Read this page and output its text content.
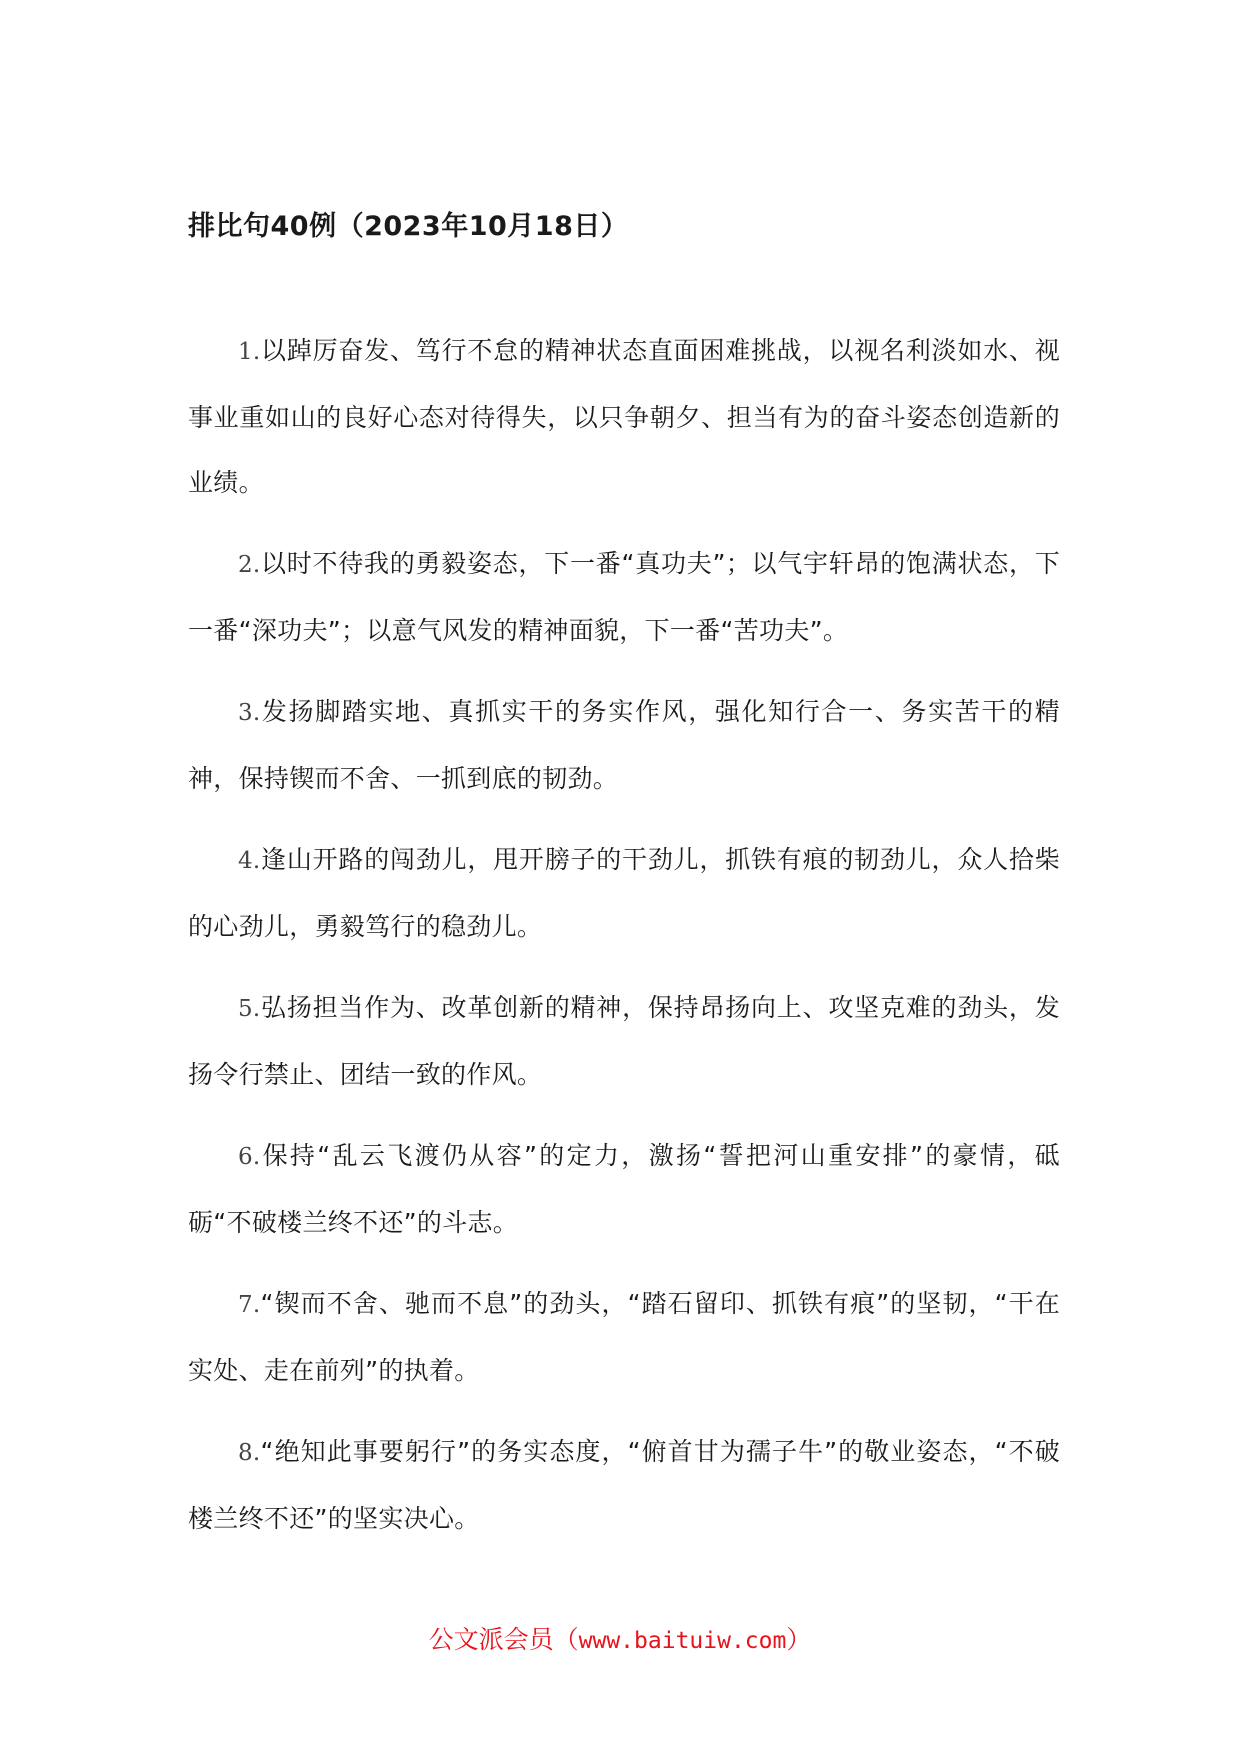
排比句40例（2023年10月18日）

1.以踔厉奋发、笃行不怠的精神状态直面困难挑战，以视名利淡如水、视事业重如山的良好心态对待得失，以只争朝夕、担当有为的奋斗姿态创造新的业绩。

2.以时不待我的勇毅姿态，下一番“真功夫”；以气宇轩昂的饱满状态，下一番“深功夫”；以意气风发的精神面貌，下一番“苦功夫”。

3.发扬脚踏实地、真抓实干的务实作风，强化知行合一、务实苦干的精神，保持锲而不舍、一抓到底的韧劲。

4.逢山开路的闯劲儿，甩开膀子的干劲儿，抓铁有痕的韧劲儿，众人拾柴的心劲儿，勇毅笃行的稳劲儿。

5.弘扬担当作为、改革创新的精神，保持昂扬向上、攻坚克难的劲头，发扬令行禁止、团结一致的作风。

6.保持“乱云飞渡仍从容”的定力，激扬“誓把河山重安排”的豪情，砥砺“不破楼兰终不还”的斗志。

7.“锲而不舍、驰而不息”的劲头，“踏石留印、抓铁有痕”的坚韧，“干在实处、走在前列”的执着。

8.“绝知此事要躬行”的务实态度，“俯首甘为孺子牛”的敬业姿态，“不破楼兰终不还”的坚实决心。

公文派会员（www.baituiw.com）
